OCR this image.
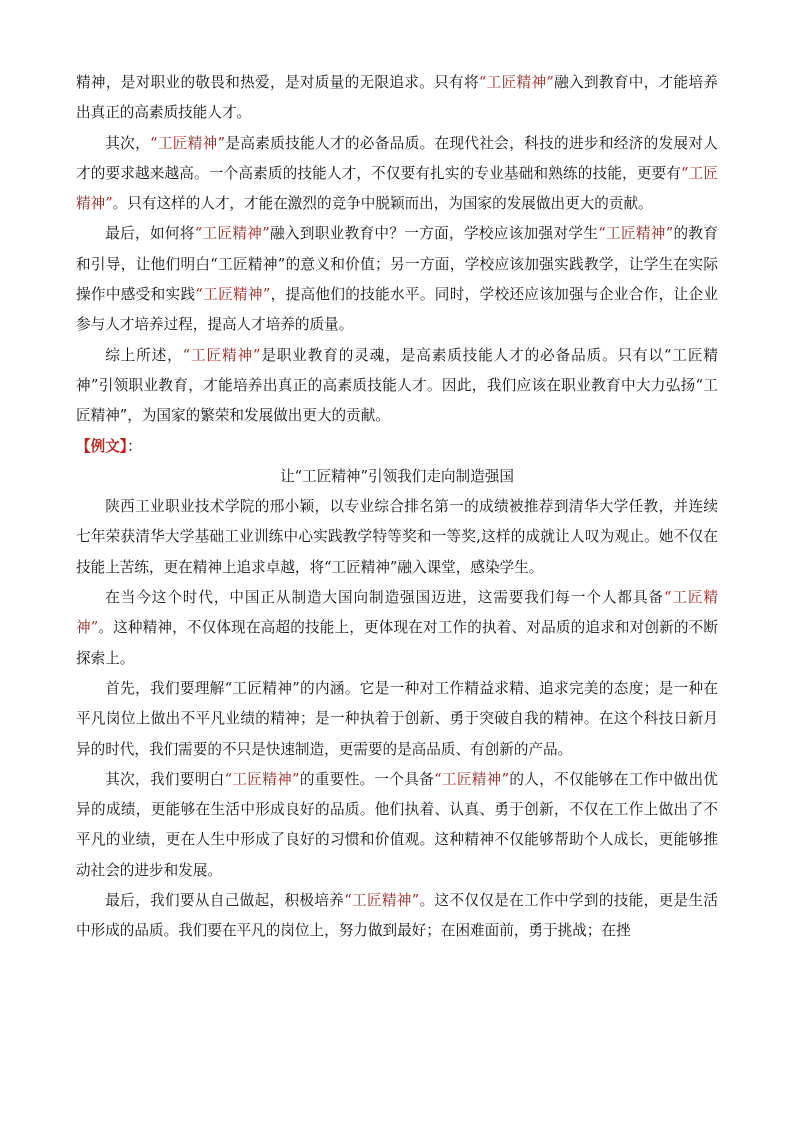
精神，是对职业的敬畏和热爱，是对质量的无限追求。只有将“工匠精神”融入到教育中，才能培养出真正的高素质技能人才。

其次，“工匠精神”是高素质技能人才的必备品质。在现代社会，科技的进步和经济的发展对人才的要求越来越高。一个高素质的技能人才，不仅要有扎实的专业基础和熟练的技能，更要有“工匠精神”。只有这样的人才，才能在激烈的竞争中脱颖而出，为国家的发展做出更大的贡献。

最后，如何将“工匠精神”融入到职业教育中？一方面，学校应该加强对学生“工匠精神”的教育和引导，让他们明白“工匠精神”的意义和价值；另一方面，学校应该加强实践教学，让学生在实际操作中感受和实践“工匠精神”，提高他们的技能水平。同时，学校还应该加强与企业合作，让企业参与人才培养过程，提高人才培养的质量。

综上所述，“工匠精神”是职业教育的灵魂，是高素质技能人才的必备品质。只有以“工匠精神”引领职业教育，才能培养出真正的高素质技能人才。因此，我们应该在职业教育中大力弘扬“工匠精神”，为国家的繁荣和发展做出更大的贡献。

【例文】：

让“工匠精神”引领我们走向制造强国

陕西工业职业技术学院的邢小颖，以专业综合排名第一的成绩被推荐到清华大学任教，并连续七年荣获清华大学基础工业训练中心实践教学特等奖和一等奖,这样的成就让人叹为观止。她不仅在技能上苦练，更在精神上追求卓越，将“工匠精神”融入课堂，感染学生。

在当今这个时代，中国正从制造大国向制造强国迈进，这需要我们每一个人都具备“工匠精神”。这种精神，不仅体现在高超的技能上，更体现在对工作的执着、对品质的追求和对创新的不断探索上。

首先，我们要理解“工匠精神”的内涵。它是一种对工作精益求精、追求完美的态度；是一种在平凡岗位上做出不平凡业绩的精神；是一种执着于创新、勇于突破自我的精神。在这个科技日新月异的时代，我们需要的不只是快速制造，更需要的是高品质、有创新的产品。

其次，我们要明白“工匠精神”的重要性。一个具备“工匠精神”的人，不仅能够在工作中做出优异的成绩，更能够在生活中形成良好的品质。他们执着、认真、勇于创新，不仅在工作上做出了不平凡的业绩，更在人生中形成了良好的习惯和价值观。这种精神不仅能够帮助个人成长，更能够推动社会的进步和发展。

最后，我们要从自己做起，积极培养“工匠精神”。这不仅仅是在工作中学到的技能，更是生活中形成的品质。我们要在平凡的岗位上，努力做到最好；在困难面前，勇于挑战；在挫
